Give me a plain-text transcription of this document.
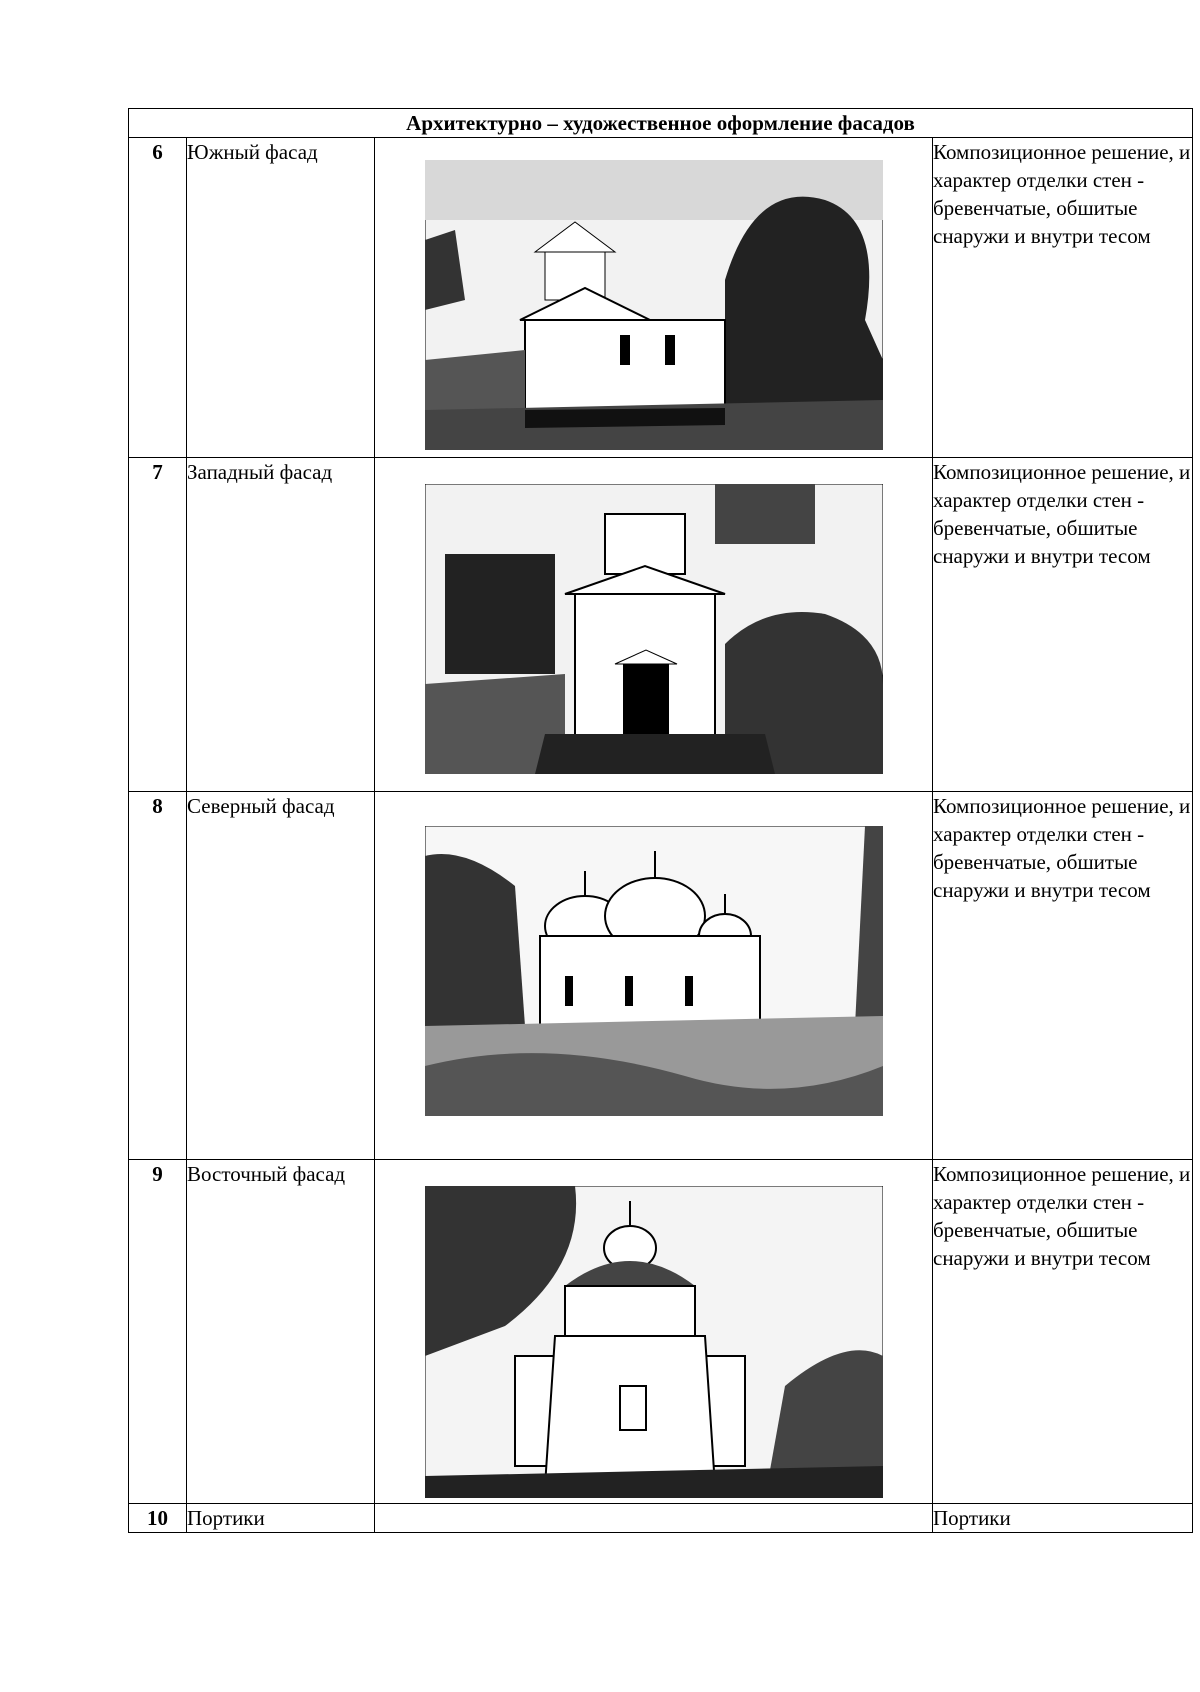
Архитектурно – художественное оформление фасадов			
6	Южный фасад		Композиционное решение, и характер отделки стен - бревенчатые, обшитые снаружи и внутри тесом
7	Западный фасад		Композиционное решение, и характер отделки стен - бревенчатые, обшитые снаружи и внутри тесом
8	Северный фасад		Композиционное решение, и характер отделки стен - бревенчатые, обшитые снаружи и внутри тесом
9	Восточный фасад		Композиционное решение, и характер отделки стен - бревенчатые, обшитые снаружи и внутри тесом
10	Портики		Портики
